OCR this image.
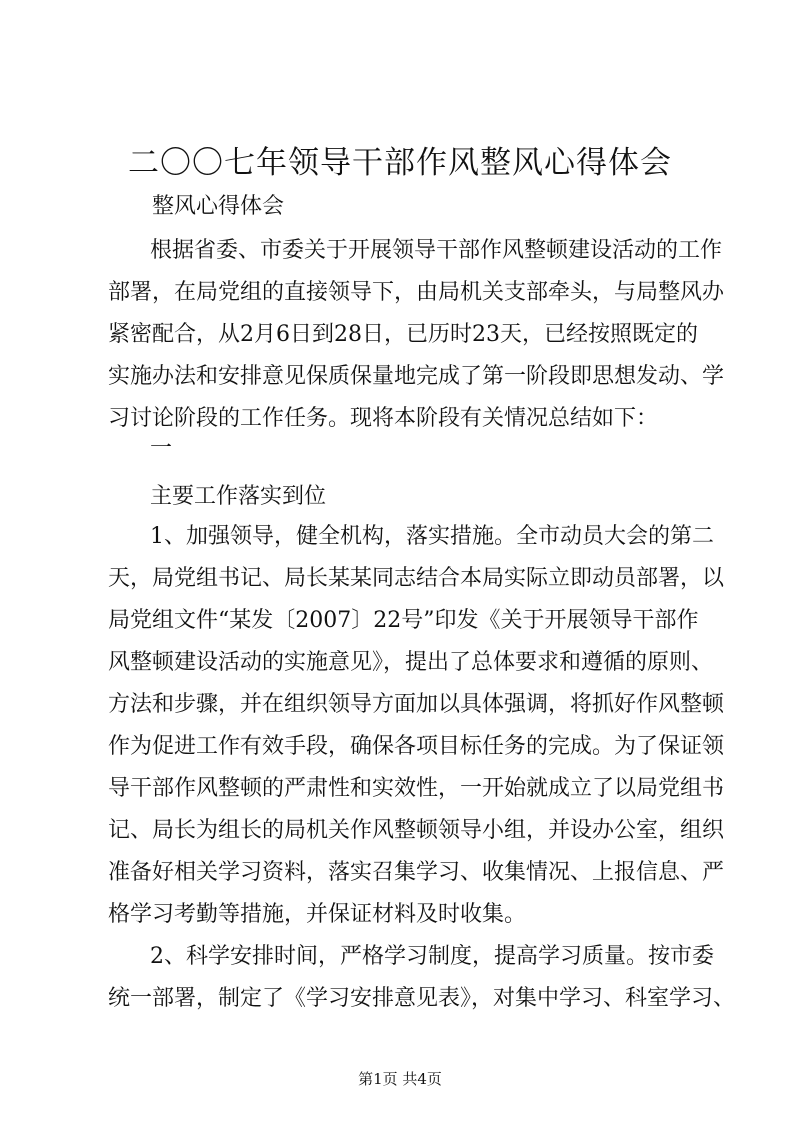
二〇〇七年领导干部作风整风心得体会
整风心得体会
根据省委、市委关于开展领导干部作风整顿建设活动的工作
部署，在局党组的直接领导下，由局机关支部牵头，与局整风办
紧密配合，从2月6日到28日，已历时23天，已经按照既定的
实施办法和安排意见保质保量地完成了第一阶段即思想发动、学
习讨论阶段的工作任务。现将本阶段有关情况总结如下：
一
主要工作落实到位
1、加强领导，健全机构，落实措施。全市动员大会的第二
天，局党组书记、局长某某同志结合本局实际立即动员部署，以
局党组文件“某发〔2007〕22号”印发《关于开展领导干部作
风整顿建设活动的实施意见》，提出了总体要求和遵循的原则、
方法和步骤，并在组织领导方面加以具体强调，将抓好作风整顿
作为促进工作有效手段，确保各项目标任务的完成。为了保证领
导干部作风整顿的严肃性和实效性，一开始就成立了以局党组书
记、局长为组长的局机关作风整顿领导小组，并设办公室，组织
准备好相关学习资料，落实召集学习、收集情况、上报信息、严
格学习考勤等措施，并保证材料及时收集。
2、科学安排时间，严格学习制度，提高学习质量。按市委
统一部署，制定了《学习安排意见表》，对集中学习、科室学习、
第1页 共4页
